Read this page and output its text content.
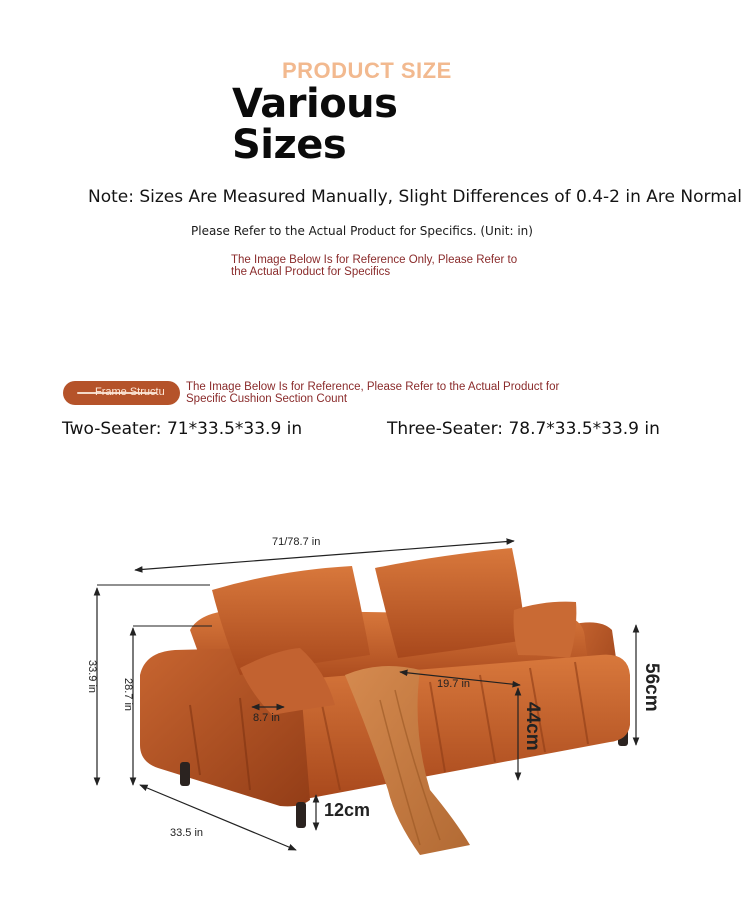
PRODUCT SIZE
Various
Sizes
Note: Sizes Are Measured Manually, Slight Differences of 0.4-2 in Are Normal
Please Refer to the Actual Product for Specifics. (Unit: in)
The Image Below Is for Reference Only, Please Refer to the Actual Product for Specifics
Frame Structu The Image Below Is for Reference, Please Refer to the Actual Product for Specific Cushion Section Count
Two-Seater: 71*33.5*33.9 in	Three-Seater: 78.7*33.5*33.9 in
71/78.7 in
33.9 in
28.7 in
8.7 in
19.7 in
44cm
56cm
12cm
33.5 in
